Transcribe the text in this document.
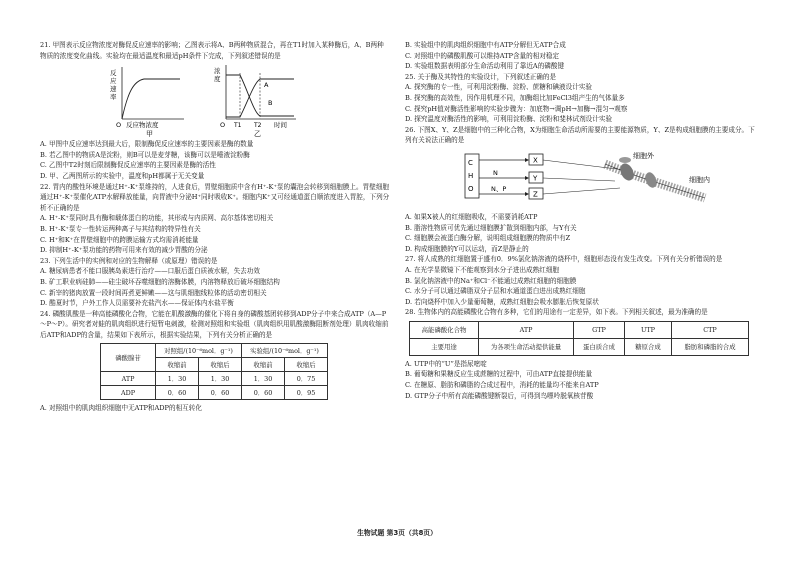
21. 甲图表示反应物浓度对酶促反应速率的影响；乙图表示将A、B两种物质混合，再在T1时加入某种酶后，A、B两种物质的浓度变化曲线。实验均在最适温度和最适pH条件下完成，下列叙述错误的是

反
应
速
率
O 反应物浓度
甲
浓
度
A
B
O T1 T2 时间
乙

A. 甲图中反应速率达到最大后，限制酶促反应速率的主要因素是酶的数量

B. 若乙图中的物质A是淀粉，则B可以是麦芽糖，该酶可以是唾液淀粉酶

C. 乙图中T2时刻后限制酶促反应速率的主要因素是酶的活性

D. 甲、乙两图所示的实验中，温度和pH都属于无关变量

22. 胃内的酸性环境是通过H⁺-K⁺泵维持的，人进食后，胃壁细胞质中含有H⁺-K⁺泵的囊泡会转移到细胞膜上。胃壁细胞通过H⁺-K⁺泵催化ATP水解释放能量，向胃液中分泌H⁺同时吸收K⁺。细胞内K⁺又可经通道蛋白顺浓度进入胃腔，下列分析不正确的是

A. H⁺-K⁺泵同时具有酶和载体蛋白的功能，其形成与内质网、高尔基体密切相关

B. H⁺-K⁺泵专一性转运两种离子与其结构的特异性有关

C. H⁺和K⁺在胃壁细胞中的跨膜运输方式均需消耗能量

D. 抑制H⁺-K⁺泵功能的药物可用来有效的减少胃酸的分泌

23. 下列生活中的实例和对应的生物解释（或原理）错误的是

A. 糖尿病患者不能口服胰岛素进行治疗——口服后蛋白质被水解，失去功效

B. 矿工职业病硅肺——硅尘破坏吞噬细胞的溶酶体膜，内溶物释放后破坏细胞结构

C. 新宰的猪肉放置一段时间再煮更鲜嫩——这与肌细胞线粒体的活动密切相关

D. 酷夏时节，户外工作人员需要补充盐汽水——保证体内水盐平衡

24. 磷酸肌酸是一种高能磷酸化合物，它能在肌酸激酶的催化下将自身的磷酸基团转移到ADP分子中来合成ATP（A—P～P～P）。研究者对蛙的肌肉组织进行短暂电刺激，检测对照组和实验组（肌肉组织用肌酸激酶阻断剂处理）肌肉收缩前后ATP和ADP的含量，结果如下表所示，根据实验结果，下列有关分析正确的是

磷酸腺苷	对照组/(10⁻⁶mol．g⁻¹)		实验组/(10⁻⁶mol．g⁻¹)	
	收缩前	收缩后	收缩前	收缩后
ATP	1．30	1．30	1．30	0．75
ADP	0．60	0．60	0．60	0．95

A. 对照组中的肌肉组织细胞中无ATP和ADP的相互转化

B. 实验组中的肌肉组织细胞中有ATP分解但无ATP合成

C. 对照组中的磷酸肌酸可以维持ATP含量的相对稳定

D. 实验组数据表明部分生命活动利用了靠近A的磷酸键

25. 关于酶及其特性的实验设计，下列叙述正确的是

A. 探究酶的专一性，可利用淀粉酶、淀粉、蔗糖和碘液设计实验

B. 探究酶的高效性，因作用机理不同，加酶组比加FeCl3组产生的气体量多

C. 探究pH值对酶活性影响的实验步骤为：加底物→调pH→加酶→混匀→观察

D. 探究温度对酶活性的影响，可利用淀粉酶、淀粉和斐林试剂设计实验

26. 下图X、Y、Z是细胞中的三种化合物，X为细胞生命活动所需要的主要能源物质，Y、Z是构成细胞膜的主要成分。下列有关说法正确的是

C
H
O
X
Y
N
Z
N、P
细胞外
细胞内

A. 如果X被人的红细胞吸收，不需要消耗ATP

B. 脂溶性物质可优先通过细胞膜扩散到细胞内部，与Y有关

C. 细胞膜会被蛋白酶分解，说明组成细胞膜的物质中有Z

D. 构成细胞膜的Y可以运动，而Z是静止的

27. 将人成熟的红细胞置于盛有0．9%氯化钠溶液的烧杯中，细胞形态没有发生改变。下列有关分析错误的是

A. 在光学显微镜下不能观察到水分子进出成熟红细胞

B. 氯化钠溶液中的Na⁺和Cl⁻不能通过成熟红细胞的细胞膜

C. 水分子可以通过磷脂双分子层和水通道蛋白进出成熟红细胞

D. 若向烧杯中加入少量葡萄糖，成熟红细胞会吸水膨胀后恢复原状

28. 生物体内的高能磷酸化合物有多种，它们的用途有一定差异，如下表。下列相关叙述，最为准确的是

高能磷酸化合物	ATP	GTP	UTP	CTP
主要用途	为各项生命活动提供能量	蛋白质合成	糖原合成	脂肪和磷脂的合成

A. UTP中的“U”是指尿嘧啶

B. 葡萄糖和果糖反应生成蔗糖的过程中，可由ATP直接提供能量

C. 在糖原、脂肪和磷脂的合成过程中，消耗的能量均不能来自ATP

D. GTP分子中所有高能磷酸键断裂后，可得到鸟嘌呤脱氧核苷酸

生物试题 第3页（共8页）
